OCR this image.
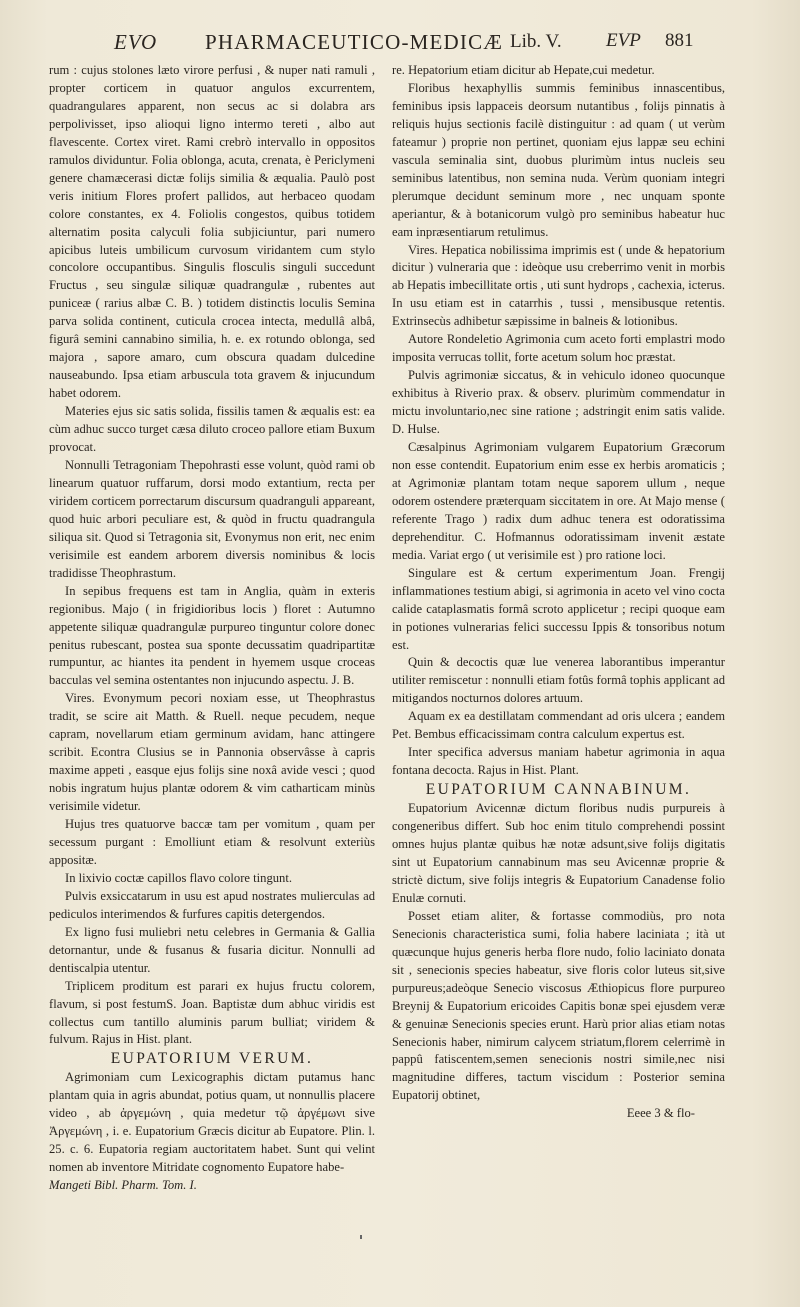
EVO PHARMACEUTICO-MEDICÆ Lib. V. EVP 881

rum : cujus stolones læto virore perfusi , & nuper nati ramuli , propter corticem in quatuor angulos excurrentem, quadrangulares apparent, non secus ac si dolabra ars perpolivisset, ipso alioqui ligno intermo tereti , albo aut flavescente. Cortex viret. Rami crebrò intervallo in oppositos ramulos dividuntur. Folia oblonga, acuta, crenata, è Periclymeni genere chamæcerasi dictæ folijs similia & æqualia. Paulò post veris initium Flores profert pallidos, aut herbaceo quodam colore constantes, ex 4. Foliolis congestos, quibus totidem alternatim posita calyculi folia subjiciuntur, pari numero apicibus luteis umbilicum curvosum viridantem cum stylo concolore occupantibus. Singulis flosculis singuli succedunt Fructus , seu singulæ siliquæ quadrangulæ , rubentes aut puniceæ ( rarius albæ C. B. ) totidem distinctis loculis Semina parva solida continent, cuticula crocea intecta, medullâ albâ, figurâ semini cannabino similia, h. e. ex rotundo oblonga, sed majora , sapore amaro, cum obscura quadam dulcedine nauseabundo. Ipsa etiam arbuscula tota gravem & injucundum habet odorem.

Materies ejus sic satis solida, fissilis tamen & æqualis est: ea cùm adhuc succo turget cæsa diluto croceo pallore etiam Buxum provocat.

Nonnulli Tetragoniam Thepohrasti esse volunt, quòd rami ob linearum quatuor ruffarum, dorsi modo extantium, recta per viridem corticem porrectarum discursum quadranguli appareant, quod huic arbori peculiare est, & quòd in fructu quadrangula siliqua sit. Quod si Tetragonia sit, Evonymus non erit, nec enim verisimile est eandem arborem diversis nominibus & locis tradidisse Theophrastum.

In sepibus frequens est tam in Anglia, quàm in exteris regionibus. Majo ( in frigidioribus locis ) floret : Autumno appetente siliquæ quadrangulæ purpureo tinguntur colore donec penitus rubescant, postea sua sponte decussatim quadripartitæ rumpuntur, ac hiantes ita pendent in hyemem usque croceas bacculas vel semina ostentantes non injucundo aspectu. J. B.

Vires. Evonymum pecori noxiam esse, ut Theophrastus tradit, se scire ait Matth. & Ruell. neque pecudem, neque capram, novellarum etiam germinum avidam, hanc attingere scribit. Econtra Clusius se in Pannonia observâsse à capris maxime appeti , easque ejus folijs sine noxâ avide vesci ; quod nobis ingratum hujus plantæ odorem & vim catharticam minùs verisimile videtur.

Hujus tres quatuorve baccæ tam per vomitum , quam per secessum purgant : Emolliunt etiam & resolvunt exteriùs appositæ.

In lixivio coctæ capillos flavo colore tingunt.

Pulvis exsiccatarum in usu est apud nostrates mulierculas ad pediculos interimendos & furfures capitis detergendos.

Ex ligno fusi muliebri netu celebres in Germania & Gallia detornantur, unde & fusanus & fusaria dicitur. Nonnulli ad dentiscalpia utentur.

Triplicem proditum est parari ex hujus fructu colorem, flavum, si post festumS. Joan. Baptistæ dum abhuc viridis est collectus cum tantillo aluminis parum bulliat; viridem & fulvum. Rajus in Hist. plant.

EUPATORIUM VERUM.

Agrimoniam cum Lexicographis dictam putamus hanc plantam quia in agris abundat, potius quam, ut nonnullis placere video , ab ἀργεμώνη , quia medetur τῷ ἀργέμωνι sive Ἀργεμώνη , i. e. Eupatorium Græcis dicitur ab Eupatore. Plin. l. 25. c. 6. Eupatoria regiam auctoritatem habet. Sunt qui velint nomen ab inventore Mitridate cognomento Eupatore habe-

Mangeti Bibl. Pharm. Tom. I.

re. Hepatorium etiam dicitur ab Hepate,cui medetur.

Floribus hexaphyllis summis feminibus innascentibus, feminibus ipsis lappaceis deorsum nutantibus , folijs pinnatis à reliquis hujus sectionis facilè distinguitur : ad quam ( ut verùm fateamur ) proprie non pertinet, quoniam ejus lappæ seu echini vascula seminalia sint, duobus plurimùm intus nucleis seu seminibus latentibus, non semina nuda. Verùm quoniam integri plerumque decidunt seminum more , nec unquam sponte aperiantur, & à botanicorum vulgò pro seminibus habeatur huc eam inpræsentiarum retulimus.

Vires. Hepatica nobilissima imprimis est ( unde & hepatorium dicitur ) vulneraria que : ideòque usu creberrimo venit in morbis ab Hepatis imbecillitate ortis , uti sunt hydrops , cachexia, icterus. In usu etiam est in catarrhis , tussi , mensibusque retentis. Extrinsecùs adhibetur sæpissime in balneis & lotionibus.

Autore Rondeletio Agrimonia cum aceto forti emplastri modo imposita verrucas tollit, forte acetum solum hoc præstat.

Pulvis agrimoniæ siccatus, & in vehiculo idoneo quocunque exhibitus à Riverio prax. & observ. plurimùm commendatur in mictu involuntario,nec sine ratione ; adstringit enim satis valide. D. Hulse.

Cæsalpinus Agrimoniam vulgarem Eupatorium Græcorum non esse contendit. Eupatorium enim esse ex herbis aromaticis ; at Agrimoniæ plantam totam neque saporem ullum , neque odorem ostendere præterquam siccitatem in ore. At Majo mense ( referente Trago ) radix dum adhuc tenera est odoratissima deprehenditur. C. Hofmannus odoratissimam invenit æstate media. Variat ergo ( ut verisimile est ) pro ratione loci.

Singulare est & certum experimentum Joan. Frengij inflammationes testium abigi, si agrimonia in aceto vel vino cocta calide cataplasmatis formâ scroto applicetur ; recipi quoque eam in potiones vulnerarias felici successu Ippis & tonsoribus notum est.

Quin & decoctis quæ lue venerea laborantibus imperantur utiliter remiscetur : nonnulli etiam fotûs formâ tophis applicant ad mitigandos nocturnos dolores artuum.

Aquam ex ea destillatam commendant ad oris ulcera ; eandem Pet. Bembus efficacissimam contra calculum expertus est.

Inter specifica adversus maniam habetur agrimonia in aqua fontana decocta. Rajus in Hist. Plant.

EUPATORIUM CANNABINUM.

Eupatorium Avicennæ dictum floribus nudis purpureis à congeneribus differt. Sub hoc enim titulo comprehendi possint omnes hujus plantæ quibus hæ notæ adsunt,sive folijs digitatis sint ut Eupatorium cannabinum mas seu Avicennæ proprie & strictè dictum, sive folijs integris & Eupatorium Canadense folio Enulæ cornuti.

Posset etiam aliter, & fortasse commodiùs, pro nota Senecionis characteristica sumi, folia habere laciniata ; ità ut quæcunque hujus generis herba flore nudo, folio laciniato donata sit , senecionis species habeatur, sive floris color luteus sit,sive purpureus;adeòque Senecio viscosus Æthiopicus flore purpureo Breynij & Eupatorium ericoides Capitis bonæ spei ejusdem veræ & genuinæ Senecionis species erunt. Harù prior alias etiam notas Senecionis haber, nimirum calycem striatum,florem celerrimè in pappû fatiscentem,semen senecionis nostri simile,nec nisi magnitudine differes, tactum viscidum : Posterior semina Eupatorij obtinet,

Eeee 3 & flo-
